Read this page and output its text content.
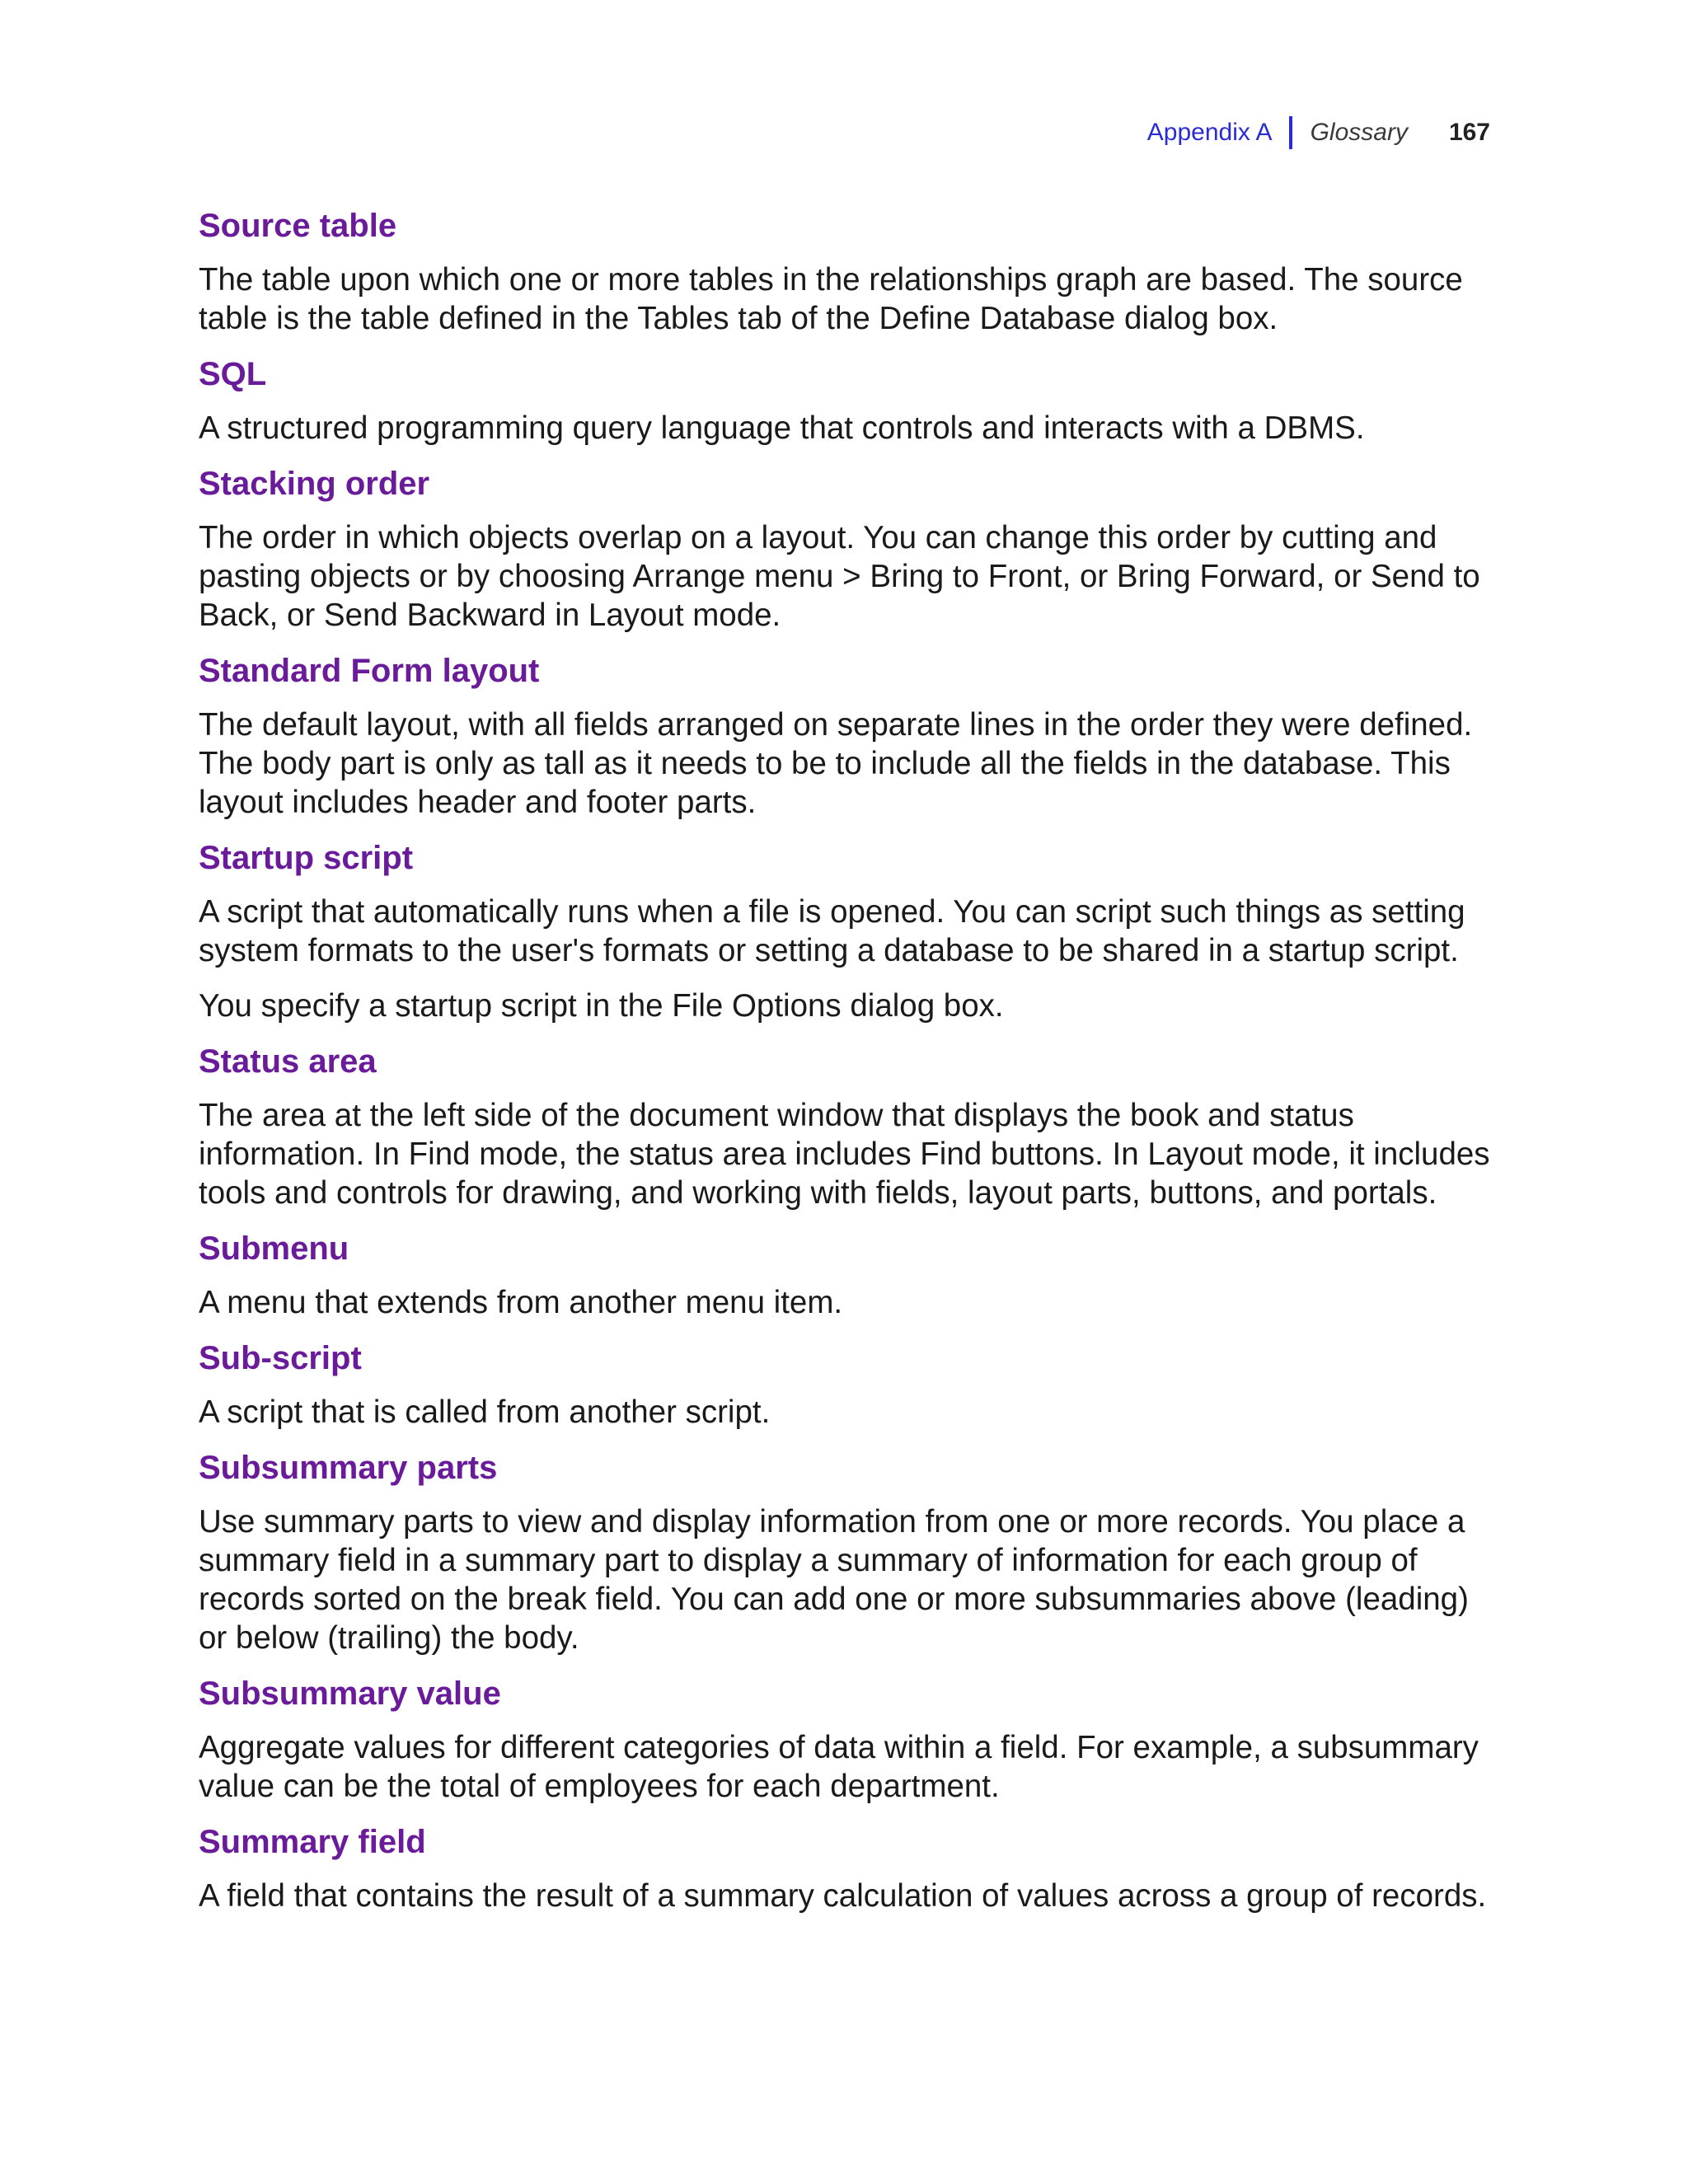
Appendix A Glossary 167
Source table

The table upon which one or more tables in the relationships graph are based. The source table is the table defined in the Tables tab of the Define Database dialog box.

SQL

A structured programming query language that controls and interacts with a DBMS.

Stacking order

The order in which objects overlap on a layout. You can change this order by cutting and pasting objects or by choosing Arrange menu > Bring to Front, or Bring Forward, or Send to Back, or Send Backward in Layout mode.

Standard Form layout

The default layout, with all fields arranged on separate lines in the order they were defined. The body part is only as tall as it needs to be to include all the fields in the database. This layout includes header and footer parts.

Startup script

A script that automatically runs when a file is opened. You can script such things as setting system formats to the user's formats or setting a database to be shared in a startup script.

You specify a startup script in the File Options dialog box.

Status area

The area at the left side of the document window that displays the book and status information. In Find mode, the status area includes Find buttons. In Layout mode, it includes tools and controls for drawing, and working with fields, layout parts, buttons, and portals.

Submenu

A menu that extends from another menu item.

Sub-script

A script that is called from another script.

Subsummary parts

Use summary parts to view and display information from one or more records. You place a summary field in a summary part to display a summary of information for each group of records sorted on the break field. You can add one or more subsummaries above (leading) or below (trailing) the body.

Subsummary value

Aggregate values for different categories of data within a field. For example, a subsummary value can be the total of employees for each department.

Summary field

A field that contains the result of a summary calculation of values across a group of records.
